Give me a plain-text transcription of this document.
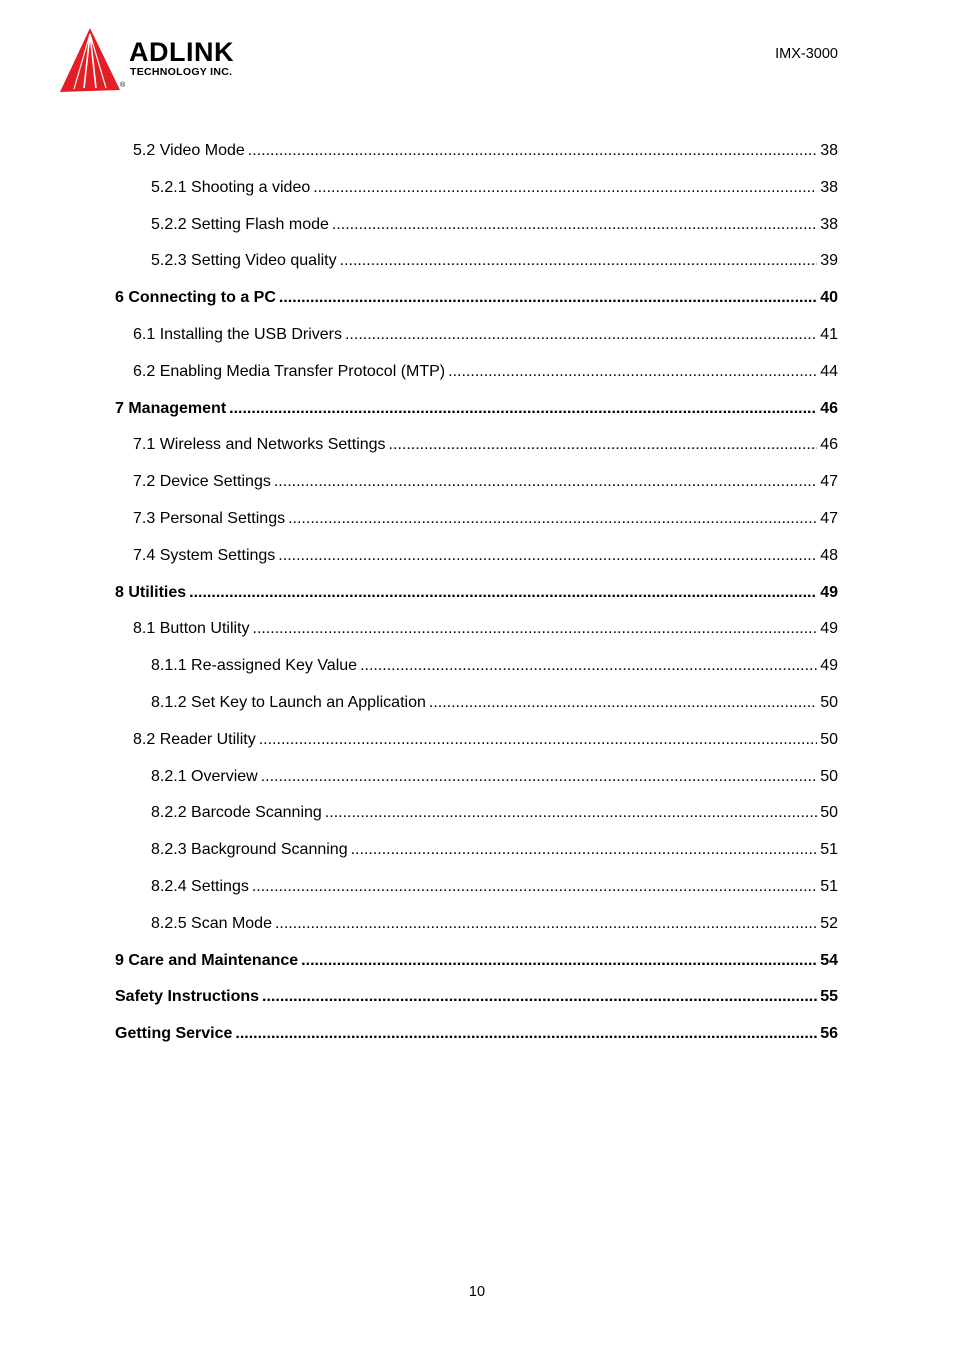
ADLINK
TECHNOLOGY INC.
®
IMX-3000
5.2 Video Mode .....	38
5.2.1 Shooting a video .....	38
5.2.2 Setting Flash mode .....	38
5.2.3 Setting Video quality .....	39
6 Connecting to a PC .....	40
6.1 Installing the USB Drivers .....	41
6.2 Enabling Media Transfer Protocol (MTP) .....	44
7 Management .....	46
7.1 Wireless and Networks Settings .....	46
7.2 Device Settings .....	47
7.3 Personal Settings .....	47
7.4 System Settings .....	48
8 Utilities .....	49
8.1 Button Utility .....	49
8.1.1 Re-assigned Key Value .....	49
8.1.2 Set Key to Launch an Application .....	50
8.2 Reader Utility .....	50
8.2.1 Overview .....	50
8.2.2 Barcode Scanning .....	50
8.2.3 Background Scanning .....	51
8.2.4 Settings .....	51
8.2.5 Scan Mode .....	52
9 Care and Maintenance .....	54
Safety Instructions .....	55
Getting Service .....	56
10
